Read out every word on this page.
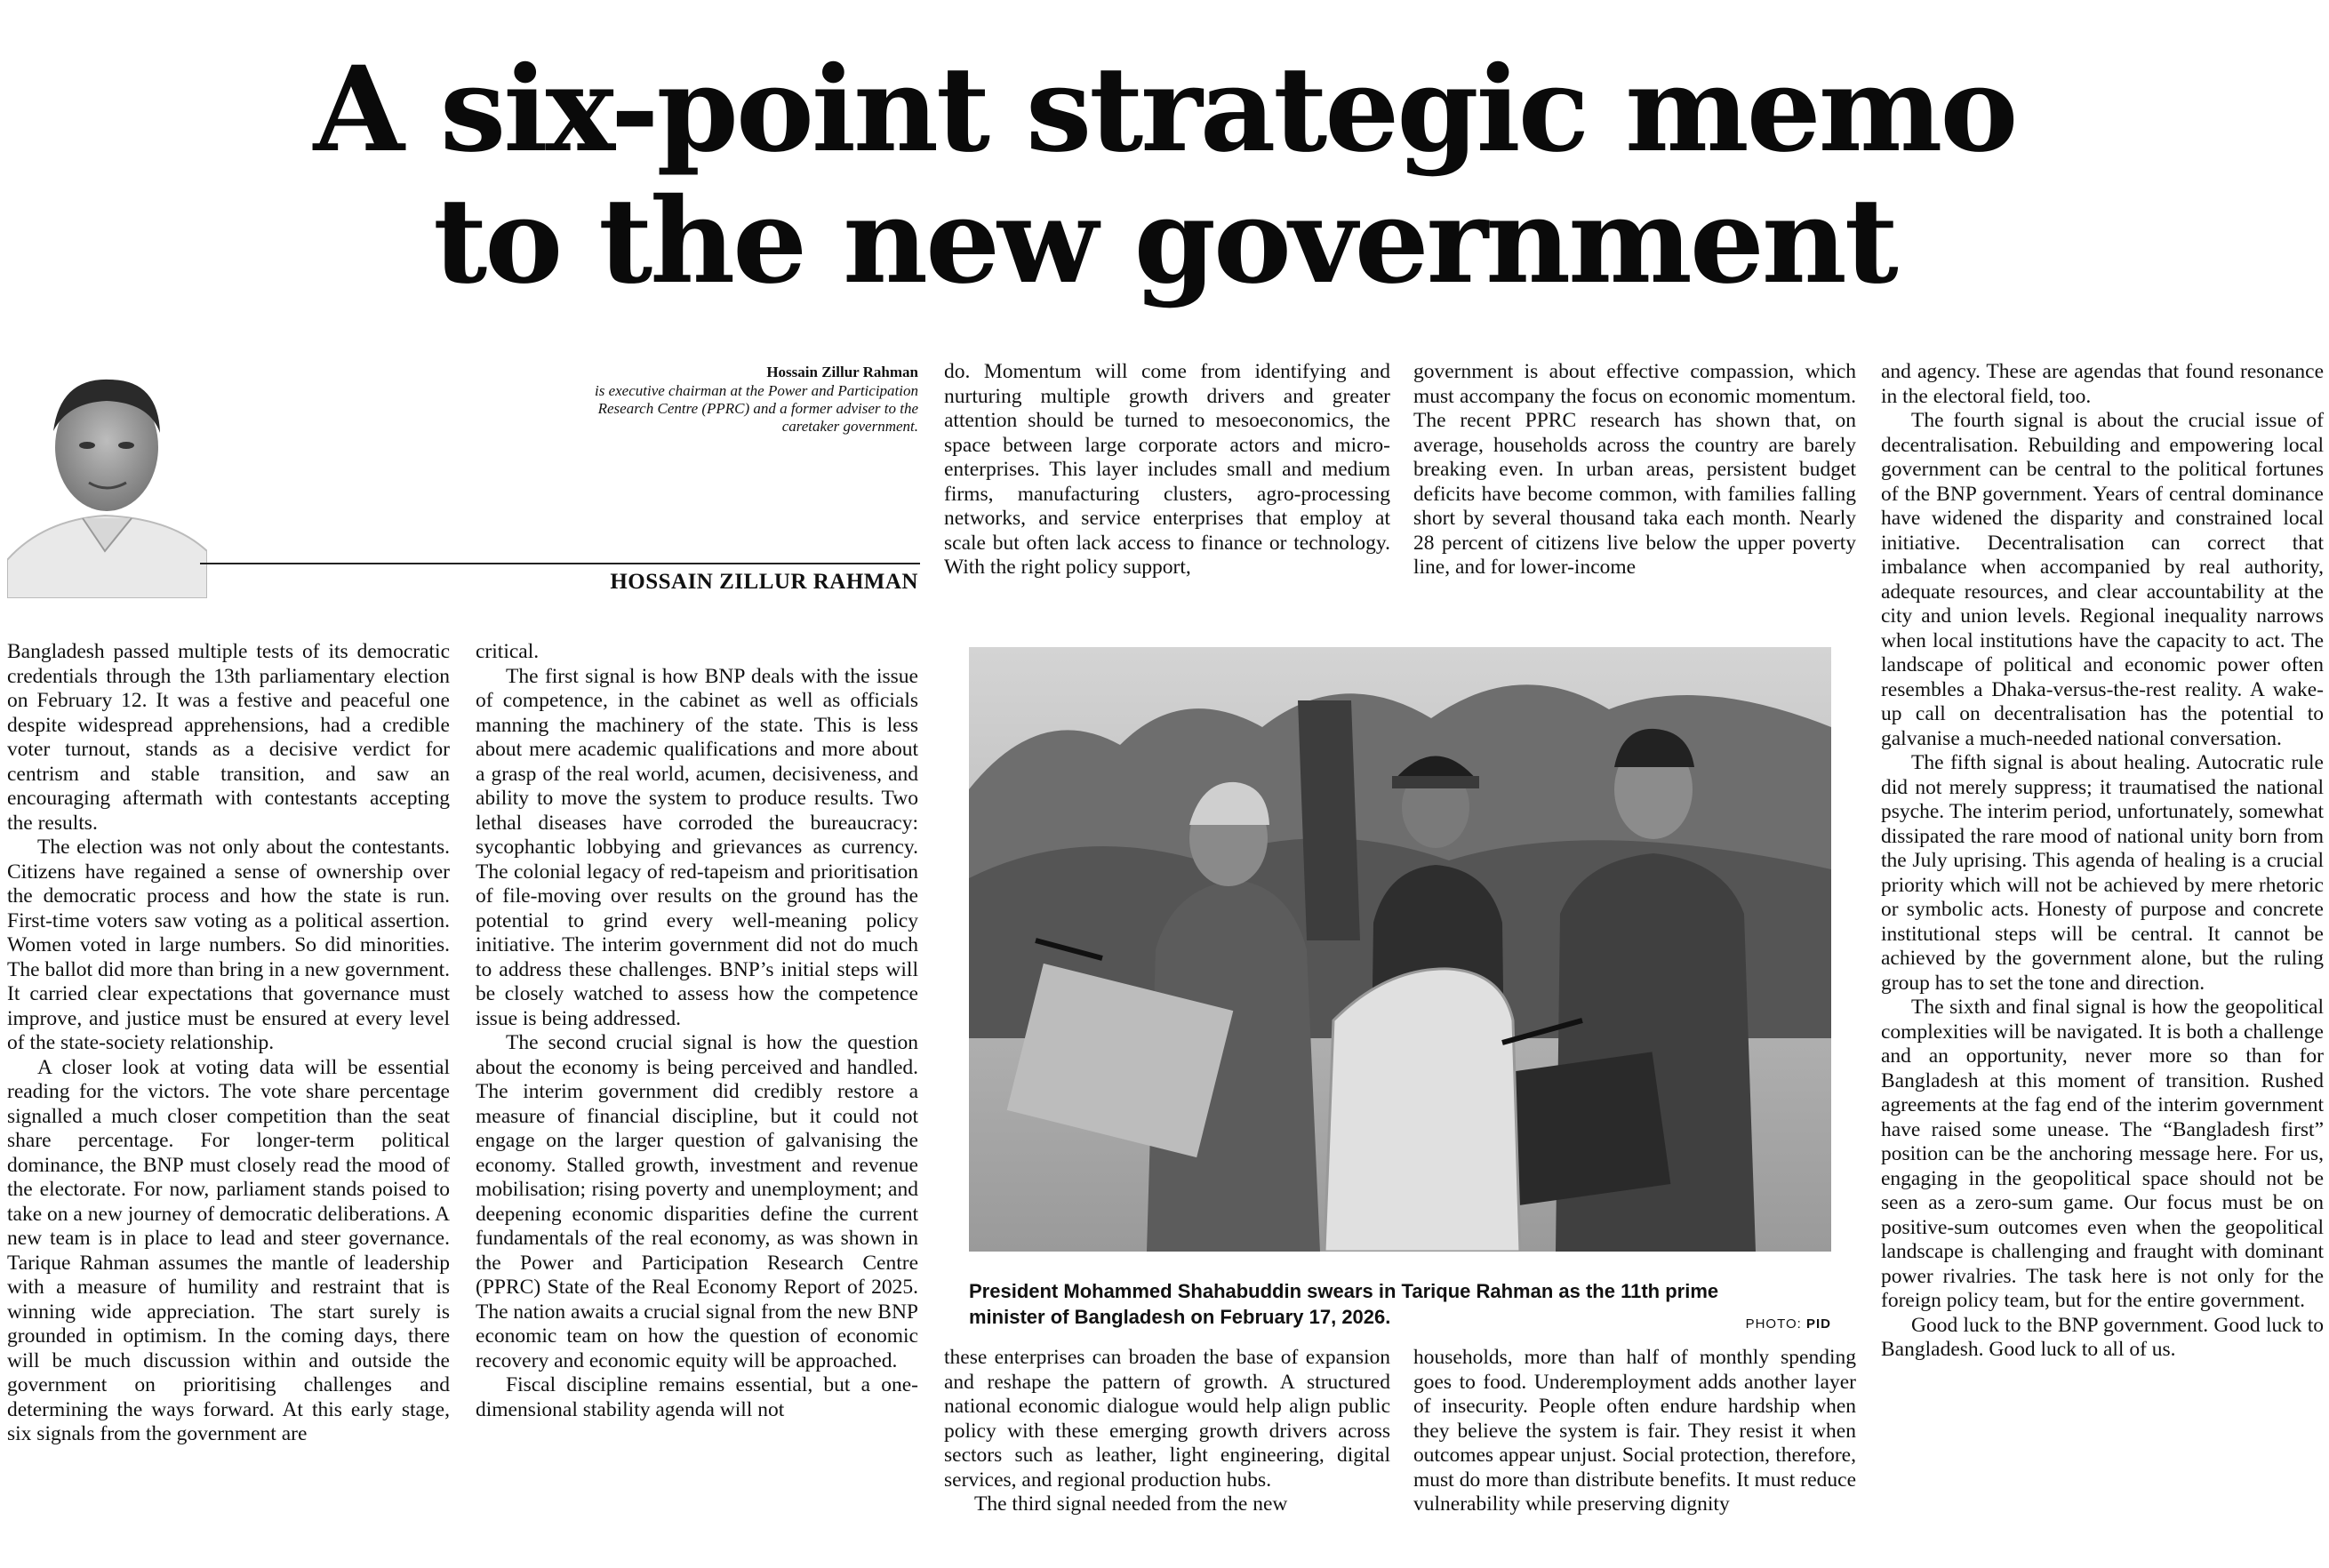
A six-point strategic memo
to the new government

Hossain Zillur Rahman

is executive chairman at the Power and Participation
Research Centre (PPRC) and a former adviser to the
caretaker government.

HOSSAIN ZILLUR RAHMAN

Bangladesh passed multiple tests of its democratic credentials through the 13th parliamentary election on February 12. It was a festive and peaceful one despite widespread apprehensions, had a credible voter turnout, stands as a decisive verdict for centrism and stable transition, and saw an encouraging aftermath with contestants accepting the results.

The election was not only about the contestants. Citizens have regained a sense of ownership over the democratic process and how the state is run. First-time voters saw voting as a political assertion. Women voted in large numbers. So did minorities. The ballot did more than bring in a new government. It carried clear expectations that governance must improve, and justice must be ensured at every level of the state-society relationship.

A closer look at voting data will be essential reading for the victors. The vote share percentage signalled a much closer competition than the seat share percentage. For longer-term political dominance, the BNP must closely read the mood of the electorate. For now, parliament stands poised to take on a new journey of democratic deliberations. A new team is in place to lead and steer governance. Tarique Rahman assumes the mantle of leadership with a measure of humility and restraint that is winning wide appreciation. The start surely is grounded in optimism. In the coming days, there will be much discussion within and outside the government on prioritising challenges and determining the ways forward. At this early stage, six signals from the government are

critical.

The first signal is how BNP deals with the issue of competence, in the cabinet as well as officials manning the machinery of the state. This is less about mere academic qualifications and more about a grasp of the real world, acumen, decisiveness, and ability to move the system to produce results. Two lethal diseases have corroded the bureaucracy: sycophantic lobbying and grievances as currency. The colonial legacy of red-tapeism and prioritisation of file-moving over results on the ground has the potential to grind every well-meaning policy initiative. The interim government did not do much to address these challenges. BNP’s initial steps will be closely watched to assess how the competence issue is being addressed.

The second crucial signal is how the question about the economy is being perceived and handled. The interim government did credibly restore a measure of financial discipline, but it could not engage on the larger question of galvanising the economy. Stalled growth, investment and revenue mobilisation; rising poverty and unemployment; and deepening economic disparities define the current fundamentals of the real economy, as was shown in the Power and Participation Research Centre (PPRC) State of the Real Economy Report of 2025. The nation awaits a crucial signal from the new BNP economic team on how the question of economic recovery and economic equity will be approached.

Fiscal discipline remains essential, but a one-dimensional stability agenda will not

do. Momentum will come from identifying and nurturing multiple growth drivers and greater attention should be turned to mesoeconomics, the space between large corporate actors and micro-enterprises. This layer includes small and medium firms, manufacturing clusters, agro-processing networks, and service enterprises that employ at scale but often lack access to finance or technology. With the right policy support,

government is about effective compassion, which must accompany the focus on economic momentum. The recent PPRC research has shown that, on average, households across the country are barely breaking even. In urban areas, persistent budget deficits have become common, with families falling short by several thousand taka each month. Nearly 28 percent of citizens live below the upper poverty line, and for lower-income

President Mohammed Shahabuddin swears in Tarique Rahman as the 11th prime
minister of Bangladesh on February 17, 2026.	PHOTO: PID

these enterprises can broaden the base of expansion and reshape the pattern of growth. A structured national economic dialogue would help align public policy with these emerging growth drivers across sectors such as leather, light engineering, digital services, and regional production hubs.

The third signal needed from the new

households, more than half of monthly spending goes to food. Underemployment adds another layer of insecurity. People often endure hardship when they believe the system is fair. They resist it when outcomes appear unjust. Social protection, therefore, must do more than distribute benefits. It must reduce vulnerability while preserving dignity

and agency. These are agendas that found resonance in the electoral field, too.

The fourth signal is about the crucial issue of decentralisation. Rebuilding and empowering local government can be central to the political fortunes of the BNP government. Years of central dominance have widened the disparity and constrained local initiative. Decentralisation can correct that imbalance when accompanied by real authority, adequate resources, and clear accountability at the city and union levels. Regional inequality narrows when local institutions have the capacity to act. The landscape of political and economic power often resembles a Dhaka-versus-the-rest reality. A wake-up call on decentralisation has the potential to galvanise a much-needed national conversation.

The fifth signal is about healing. Autocratic rule did not merely suppress; it traumatised the national psyche. The interim period, unfortunately, somewhat dissipated the rare mood of national unity born from the July uprising. This agenda of healing is a crucial priority which will not be achieved by mere rhetoric or symbolic acts. Honesty of purpose and concrete institutional steps will be central. It cannot be achieved by the government alone, but the ruling group has to set the tone and direction.

The sixth and final signal is how the geopolitical complexities will be navigated. It is both a challenge and an opportunity, never more so than for Bangladesh at this moment of transition. Rushed agreements at the fag end of the interim government have raised some unease. The “Bangladesh first” position can be the anchoring message here. For us, engaging in the geopolitical space should not be seen as a zero-sum game. Our focus must be on positive-sum outcomes even when the geopolitical landscape is challenging and fraught with dominant power rivalries. The task here is not only for the foreign policy team, but for the entire government.

Good luck to the BNP government. Good luck to Bangladesh. Good luck to all of us.
